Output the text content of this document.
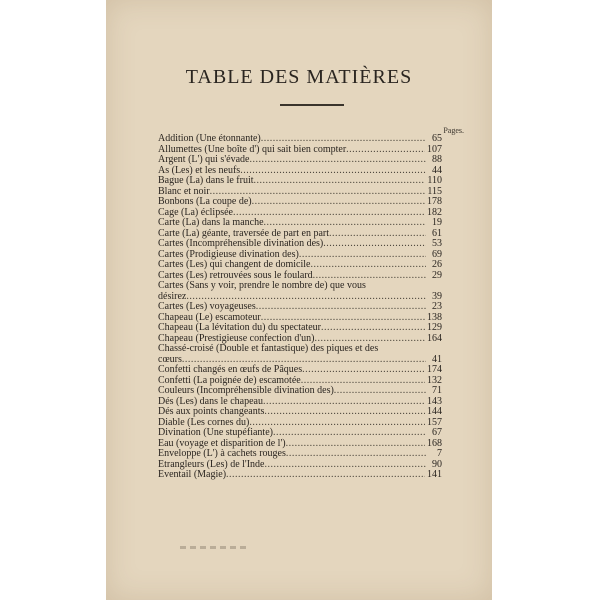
TABLE DES MATIÈRES
Pages.
Addition (Une étonnante) .....	65
Allumettes (Une boîte d') qui sait bien compter .....	107
Argent (L') qui s'évade .....	88
As (Les) et les neufs .....	44
Bague (La) dans le fruit .....	110
Blanc et noir .....	115
Bonbons (La coupe de) .....	178
Cage (La) éclipsée .....	182
Carte (La) dans la manche .....	19
Carte (La) géante, traversée de part en part .....	61
Cartes (Incompréhensible divination des) .....	53
Cartes (Prodigieuse divination des) .....	69
Cartes (Les) qui changent de domicile .....	26
Cartes (Les) retrouvées sous le foulard .....	29
Cartes (Sans y voir, prendre le nombre de) que vous
désirez .....	39
Cartes (Les) voyageuses .....	23
Chapeau (Le) escamoteur .....	138
Chapeau (La lévitation du) du spectateur .....	129
Chapeau (Prestigieuse confection d'un) .....	164
Chassé-croisé (Double et fantastique) des piques et des
cœurs .....	41
Confetti changés en œufs de Pâques .....	174
Confetti (La poignée de) escamotée .....	132
Couleurs (Incompréhensible divination des) .....	71
Dés (Les) dans le chapeau .....	143
Dés aux points changeants .....	144
Diable (Les cornes du) .....	157
Divination (Une stupéfiante) .....	67
Eau (voyage et disparition de l') .....	168
Enveloppe (L') à cachets rouges .....	7
Etrangleurs (Les) de l'Inde .....	90
Eventail (Magie) .....	141
